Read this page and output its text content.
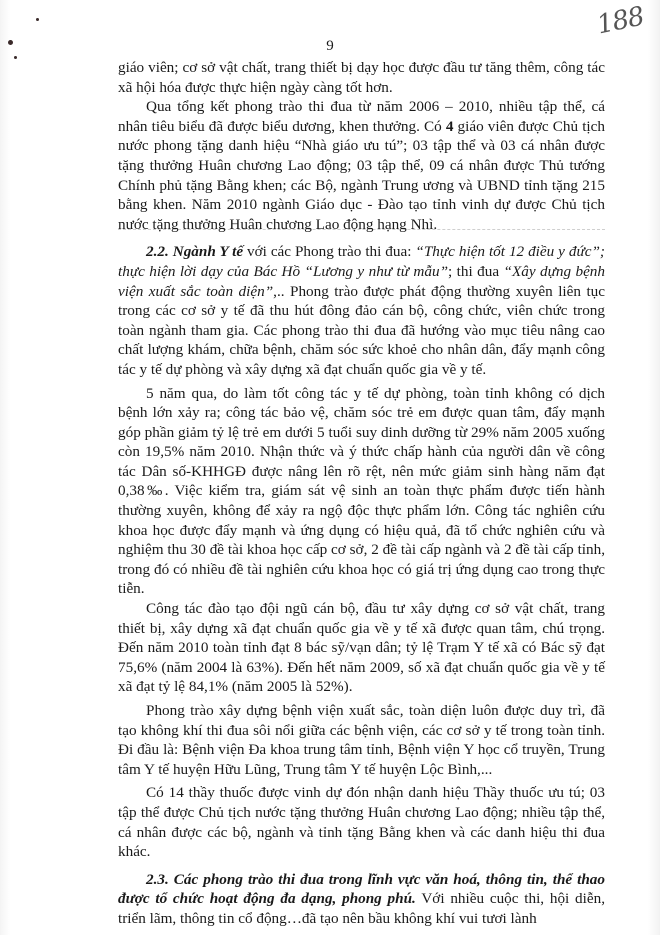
188
9

giáo viên; cơ sở vật chất, trang thiết bị dạy học được đầu tư tăng thêm, công tác xã hội hóa được thực hiện ngày càng tốt hơn.

Qua tổng kết phong trào thi đua từ năm 2006 – 2010, nhiều tập thể, cá nhân tiêu biểu đã được biểu dương, khen thưởng. Có 4 giáo viên được Chủ tịch nước phong tặng danh hiệu “Nhà giáo ưu tú”; 03 tập thể và 03 cá nhân được tặng thưởng Huân chương Lao động; 03 tập thể, 09 cá nhân được Thủ tướng Chính phủ tặng Bằng khen; các Bộ, ngành Trung ương và UBND tỉnh tặng 215 bằng khen. Năm 2010 ngành Giáo dục - Đào tạo tỉnh vinh dự được Chủ tịch nước tặng thưởng Huân chương Lao động hạng Nhì.

2.2. Ngành Y tế với các Phong trào thi đua: “Thực hiện tốt 12 điều y đức”; thực hiện lời dạy của Bác Hồ “Lương y như từ mẫu”; thi đua “Xây dựng bệnh viện xuất sắc toàn diện”,.. Phong trào được phát động thường xuyên liên tục trong các cơ sở y tế đã thu hút đông đảo cán bộ, công chức, viên chức trong toàn ngành tham gia. Các phong trào thi đua đã hướng vào mục tiêu nâng cao chất lượng khám, chữa bệnh, chăm sóc sức khoẻ cho nhân dân, đẩy mạnh công tác y tế dự phòng và xây dựng xã đạt chuẩn quốc gia về y tế.

5 năm qua, do làm tốt công tác y tế dự phòng, toàn tỉnh không có dịch bệnh lớn xảy ra; công tác bảo vệ, chăm sóc trẻ em được quan tâm, đẩy mạnh góp phần giảm tỷ lệ trẻ em dưới 5 tuổi suy dinh dưỡng từ 29% năm 2005 xuống còn 19,5% năm 2010. Nhận thức và ý thức chấp hành của người dân về công tác Dân số-KHHGĐ được nâng lên rõ rệt, nên mức giảm sinh hàng năm đạt 0,38‰. Việc kiểm tra, giám sát vệ sinh an toàn thực phẩm được tiến hành thường xuyên, không để xảy ra ngộ độc thực phẩm lớn. Công tác nghiên cứu khoa học được đẩy mạnh và ứng dụng có hiệu quả, đã tổ chức nghiên cứu và nghiệm thu 30 đề tài khoa học cấp cơ sở, 2 đề tài cấp ngành và 2 đề tài cấp tỉnh, trong đó có nhiều đề tài nghiên cứu khoa học có giá trị ứng dụng cao trong thực tiễn.

Công tác đào tạo đội ngũ cán bộ, đầu tư xây dựng cơ sở vật chất, trang thiết bị, xây dựng xã đạt chuẩn quốc gia về y tế xã được quan tâm, chú trọng. Đến năm 2010 toàn tỉnh đạt 8 bác sỹ/vạn dân; tỷ lệ Trạm Y tế xã có Bác sỹ đạt 75,6% (năm 2004 là 63%). Đến hết năm 2009, số xã đạt chuẩn quốc gia về y tế xã đạt tỷ lệ 84,1% (năm 2005 là 52%).

Phong trào xây dựng bệnh viện xuất sắc, toàn diện luôn được duy trì, đã tạo không khí thi đua sôi nổi giữa các bệnh viện, các cơ sở y tế trong toàn tỉnh. Đi đầu là: Bệnh viện Đa khoa trung tâm tỉnh, Bệnh viện Y học cổ truyền, Trung tâm Y tế huyện Hữu Lũng, Trung tâm Y tế huyện Lộc Bình,...

Có 14 thầy thuốc được vinh dự đón nhận danh hiệu Thầy thuốc ưu tú; 03 tập thể được Chủ tịch nước tặng thưởng Huân chương Lao động; nhiều tập thể, cá nhân được các bộ, ngành và tỉnh tặng Bằng khen và các danh hiệu thi đua khác.

2.3. Các phong trào thi đua trong lĩnh vực văn hoá, thông tin, thể thao được tổ chức hoạt động đa dạng, phong phú. Với nhiều cuộc thi, hội diễn, triển lãm, thông tin cổ động…đã tạo nên bầu không khí vui tươi lành
